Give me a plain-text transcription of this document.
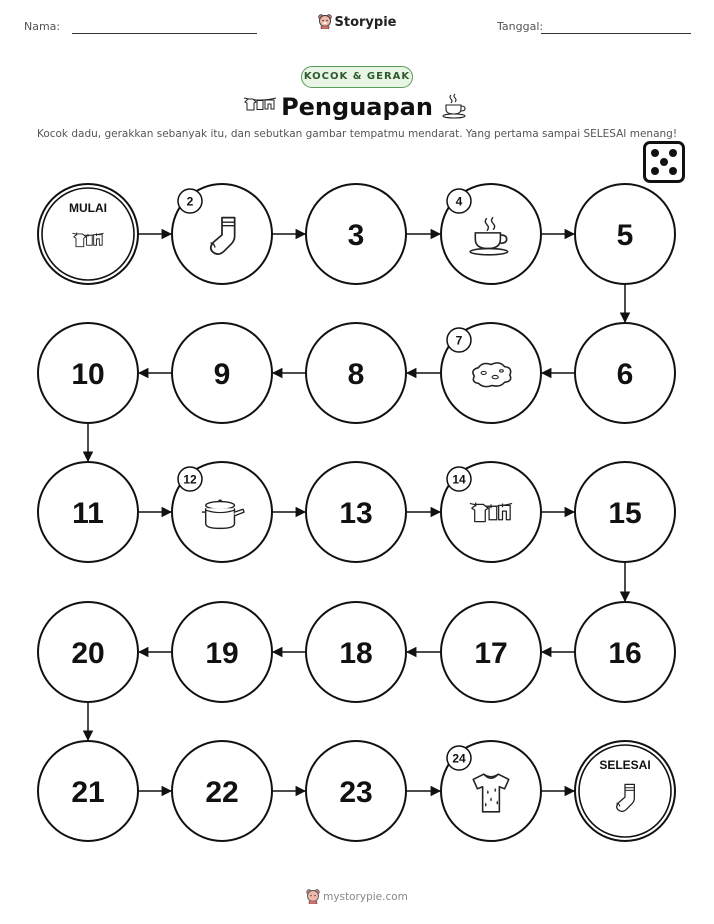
Nama:	Storypie	Tanggal:
KOCOK & GERAK
Penguapan
Kocok dadu, gerakkan sebanyak itu, dan sebutkan gambar tempatmu mendarat. Yang pertama sampai SELESAI menang!
MULAI	2
3
4
5
6
7
8
9
10
11
12
13
14
15
16
17
18
19
20
21	22	23
24	SELESAI
mystorypie.com
